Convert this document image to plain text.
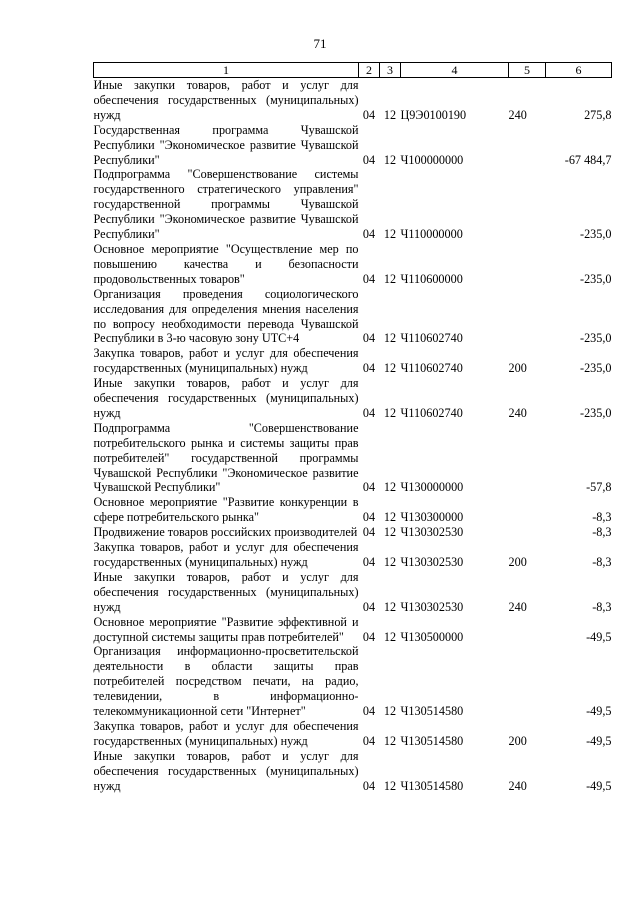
71
1	2	3	4	5	6
Иные закупки товаров, работ и услуг для обеспечения государственных (муниципальных) нужд	04	12	Ц9Э0100190	240	275,8
Государственная программа Чувашской Республики "Экономическое развитие Чувашской Республики"	04	12	Ч100000000		-67 484,7
Подпрограмма "Совершенствование системы государственного стратегического управления" государственной программы Чувашской Республики "Экономическое развитие Чувашской Республики"	04	12	Ч110000000		-235,0
Основное мероприятие "Осуществление мер по повышению качества и безопасности продовольственных товаров"	04	12	Ч110600000		-235,0
Организация проведения социологического исследования для определения мнения населения по вопросу необходимости перевода Чувашской Республики в 3-ю часовую зону UTC+4	04	12	Ч110602740		-235,0
Закупка товаров, работ и услуг для обеспечения государственных (муниципальных) нужд	04	12	Ч110602740	200	-235,0
Иные закупки товаров, работ и услуг для обеспечения государственных (муниципальных) нужд	04	12	Ч110602740	240	-235,0
Подпрограмма "Совершенствование потребительского рынка и системы защиты прав потребителей" государственной программы Чувашской Республики "Экономическое развитие Чувашской Республики"	04	12	Ч130000000		-57,8
Основное мероприятие "Развитие конкуренции в сфере потребительского рынка"	04	12	Ч130300000		-8,3
Продвижение товаров российских производителей	04	12	Ч130302530		-8,3
Закупка товаров, работ и услуг для обеспечения государственных (муниципальных) нужд	04	12	Ч130302530	200	-8,3
Иные закупки товаров, работ и услуг для обеспечения государственных (муниципальных) нужд	04	12	Ч130302530	240	-8,3
Основное мероприятие "Развитие эффективной и доступной системы защиты прав потребителей"	04	12	Ч130500000		-49,5
Организация информационно-просветительской деятельности в области защиты прав потребителей посредством печати, на радио, телевидении, в информационно-телекоммуникационной сети "Интернет"	04	12	Ч130514580		-49,5
Закупка товаров, работ и услуг для обеспечения государственных (муниципальных) нужд	04	12	Ч130514580	200	-49,5
Иные закупки товаров, работ и услуг для обеспечения государственных (муниципальных) нужд	04	12	Ч130514580	240	-49,5
